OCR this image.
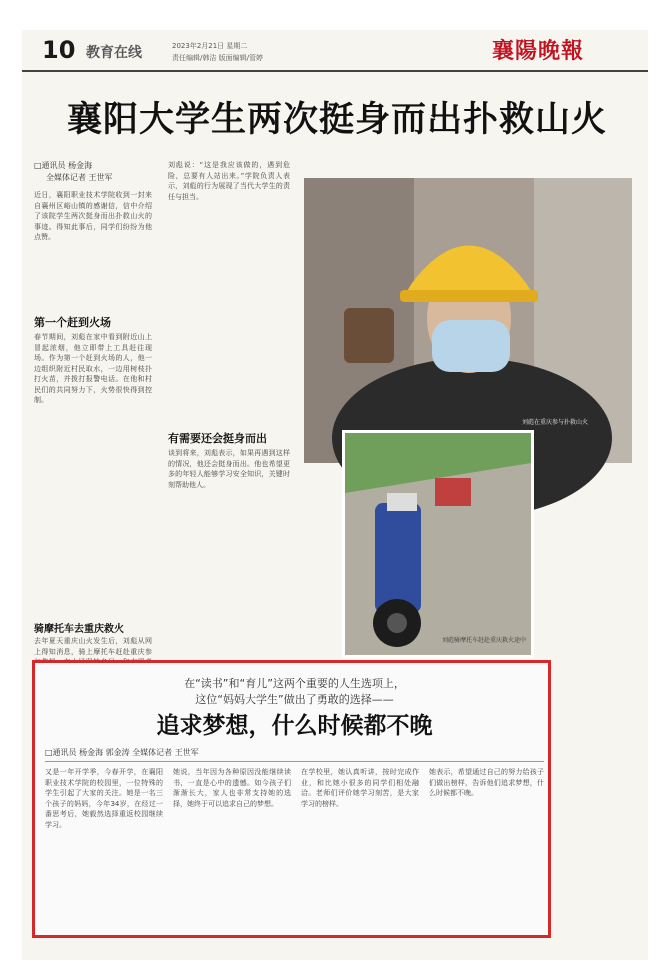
10 教育在线	2023年2月21日 星期二
责任编辑/韩洁 版面编辑/管婷	襄陽晚報
襄阳大学生两次挺身而出扑救山火
□通讯员 杨金海
全媒体记者 王世军
近日，襄阳职业技术学院收到一封来自襄州区峪山镇的感谢信，信中介绍了该院学生两次挺身而出扑救山火的事迹。得知此事后，同学们纷纷为他点赞。
第一个赶到火场
春节期间，刘彪在家中看到附近山上冒起浓烟，他立即带上工具赶往现场。作为第一个赶到火场的人，他一边组织附近村民取水，一边用树枝扑打火苗，并拨打报警电话。在他和村民们的共同努力下，火势很快得到控制。
骑摩托车去重庆救火
去年夏天重庆山火发生后，刘彪从网上得知消息，骑上摩托车赶赴重庆参
刘彪说：“这是我应该做的，遇到危险，总要有人站出来。”学院负责人表示，刘彪的行为展现了当代大学生的责任与担当。
有需要还会挺身而出
谈到将来，刘彪表示，如果再遇到这样的情况，他还会挺身而出。他也希望更多的年轻人能够学习安全知识，关键时刻帮助他人。
刘彪骑摩托车赶赴重庆救火途中
刘彪在重庆参与扑救山火
在“读书”和“育儿”这两个重要的人生选项上，
这位“妈妈大学生”做出了勇敢的选择——
追求梦想，什么时候都不晚
□通讯员 杨金海 郭金涛 全媒体记者 王世军
又是一年开学季，今春开学，在襄阳职业技术学院的校园里，一位特殊的学生引起了大家的关注。她是一名三个孩子的妈妈，今年34岁，在经过一番思考后，她毅然选择重返校园继续学习。
她说，当年因为各种原因没能继续读书，一直是心中的遗憾。如今孩子们渐渐长大，家人也非常支持她的选择，她终于可以追求自己的梦想。
在学校里，她认真听讲，按时完成作业，和比她小很多的同学们相处融洽。老师们评价她学习刻苦，是大家学习的榜样。
她表示，希望通过自己的努力给孩子们做出榜样，告诉他们追求梦想，什么时候都不晚。
